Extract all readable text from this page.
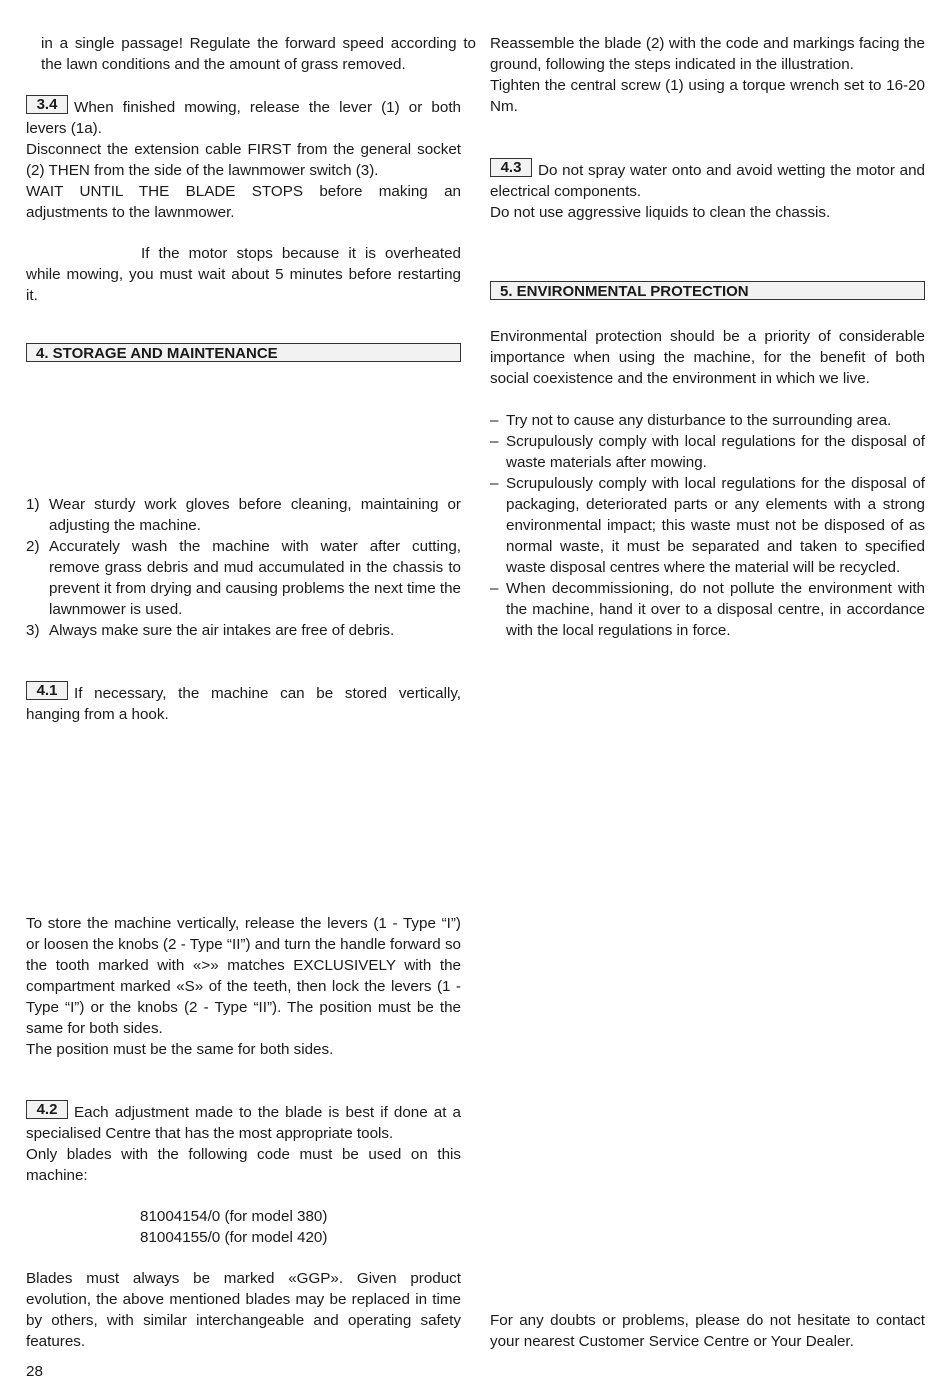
in a single passage! Regulate the forward speed according to the lawn conditions and the amount of grass removed.

3.4 When finished mowing, release the lever (1) or both levers (1a).

Disconnect the extension cable FIRST from the general socket (2) THEN from the side of the lawnmower switch (3).

WAIT UNTIL THE BLADE STOPS before making an adjustments to the lawnmower.

If the motor stops because it is overheated while mowing, you must wait about 5 minutes before restarting it.

4. STORAGE AND MAINTENANCE
1) Wear sturdy work gloves before cleaning, maintaining or adjusting the machine.
2) Accurately wash the machine with water after cutting, remove grass debris and mud accumulated in the chassis to prevent it from drying and causing problems the next time the lawnmower is used.
3) Always make sure the air intakes are free of debris.

4.1 If necessary, the machine can be stored vertically, hanging from a hook.

To store the machine vertically, release the levers (1 - Type “I”) or loosen the knobs (2 - Type “II”) and turn the handle forward so the tooth marked with «>» matches EXCLUSIVELY with the compartment marked «S» of the teeth, then lock the levers (1 - Type “I”) or the knobs (2 - Type “II”). The position must be the same for both sides.

The position must be the same for both sides.

4.2 Each adjustment made to the blade is best if done at a specialised Centre that has the most appropriate tools.

Only blades with the following code must be used on this machine:

81004154/0 (for model 380)

81004155/0 (for model 420)

Blades must always be marked «GGP». Given product evolution, the above mentioned blades may be replaced in time by others, with similar interchangeable and operating safety features.

Reassemble the blade (2) with the code and markings facing the ground, following the steps indicated in the illustration.

Tighten the central screw (1) using a torque wrench set to 16-20 Nm.

4.3 Do not spray water onto and avoid wetting the motor and electrical components.

Do not use aggressive liquids to clean the chassis.

5. ENVIRONMENTAL PROTECTION

Environmental protection should be a priority of considerable importance when using the machine, for the benefit of both social coexistence and the environment in which we live.

– Try not to cause any disturbance to the surrounding area.
– Scrupulously comply with local regulations for the disposal of waste materials after mowing.
– Scrupulously comply with local regulations for the disposal of packaging, deteriorated parts or any elements with a strong environmental impact; this waste must not be disposed of as normal waste, it must be separated and taken to specified waste disposal centres where the material will be recycled.
– When decommissioning, do not pollute the environment with the machine, hand it over to a disposal centre, in accordance with the local regulations in force.

For any doubts or problems, please do not hesitate to contact your nearest Customer Service Centre or Your Dealer.

28
